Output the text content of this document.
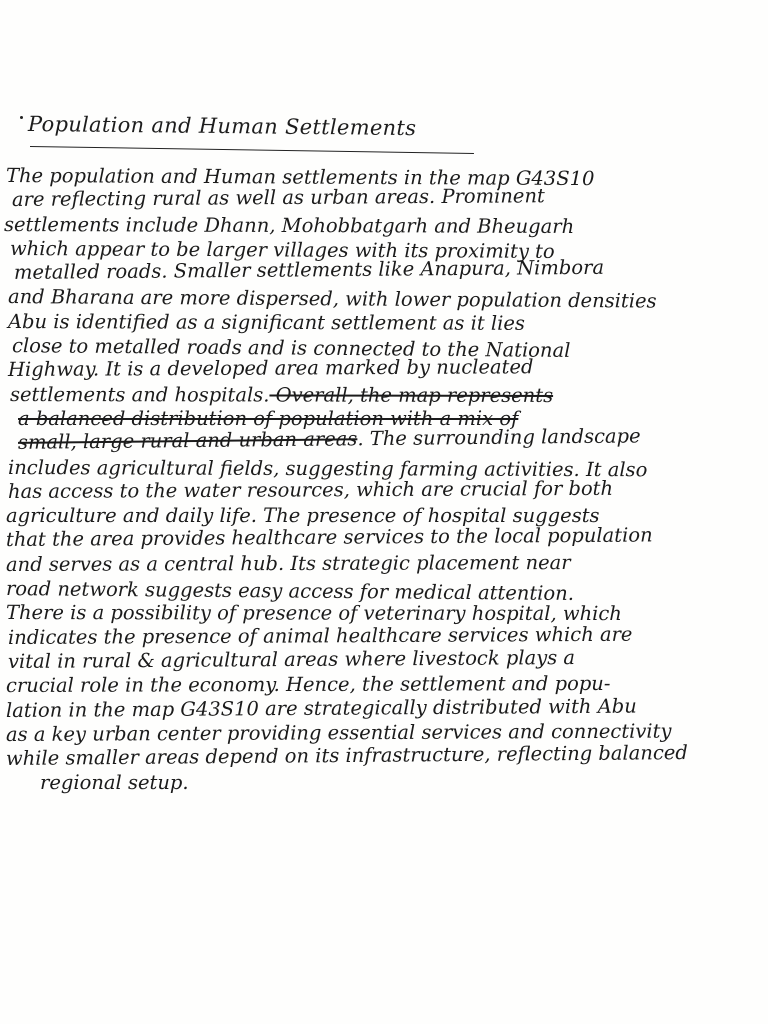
Population and Human Settlements
The population and Human settlements in the map G43S10
are reflecting rural as well as urban areas. Prominent
settlements include Dhann, Mohobbatgarh and Bheugarh
which appear to be larger villages with its proximity to
metalled roads. Smaller settlements like Anapura, Nimbora
and Bharana are more dispersed, with lower population densities
Abu is identified as a significant settlement as it lies
close to metalled roads and is connected to the National
Highway. It is a developed area marked by nucleated
settlements and hospitals. Overall, the map represents
a balanced distribution of population with a mix of
small, large rural and urban areas. The surrounding landscape
includes agricultural fields, suggesting farming activities. It also
has access to the water resources, which are crucial for both
agriculture and daily life. The presence of hospital suggests
that the area provides healthcare services to the local population
and serves as a central hub. Its strategic placement near
road network suggests easy access for medical attention.
There is a possibility of presence of veterinary hospital, which
indicates the presence of animal healthcare services which are
vital in rural & agricultural areas where livestock plays a
crucial role in the economy. Hence, the settlement and popu-
lation in the map G43S10 are strategically distributed with Abu
as a key urban center providing essential services and connectivity
while smaller areas depend on its infrastructure, reflecting balanced
regional setup.
